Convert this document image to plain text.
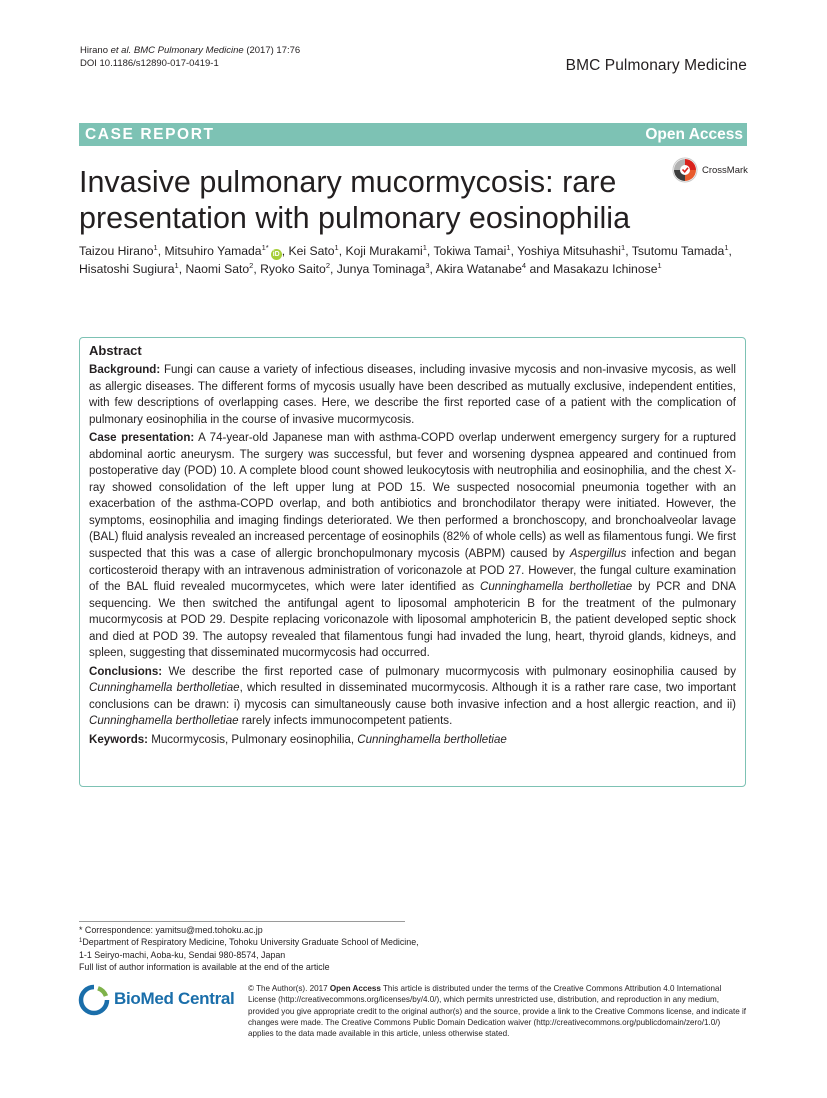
Hirano et al. BMC Pulmonary Medicine (2017) 17:76
DOI 10.1186/s12890-017-0419-1	BMC Pulmonary Medicine
CASE REPORT	Open Access
Invasive pulmonary mucormycosis: rare presentation with pulmonary eosinophilia
CrossMark
Taizou Hirano$^1$, Mitsuhiro Yamada$^{1*}$iD , Kei Sato$^1$, Koji Murakami$^1$, Tokiwa Tamai$^1$, Yoshiya Mitsuhashi$^1$, Tsutomu Tamada$^1$, Hisatoshi Sugiura$^1$, Naomi Sato$^2$, Ryoko Saito$^2$, Junya Tominaga$^3$, Akira Watanabe$^4$ and Masakazu Ichinose$^1$
Abstract

Background: Fungi can cause a variety of infectious diseases, including invasive mycosis and non-invasive mycosis, as well as allergic diseases. The different forms of mycosis usually have been described as mutually exclusive, independent entities, with few descriptions of overlapping cases. Here, we describe the first reported case of a patient with the complication of pulmonary eosinophilia in the course of invasive mucormycosis.

Case presentation: A 74-year-old Japanese man with asthma-COPD overlap underwent emergency surgery for a ruptured abdominal aortic aneurysm. The surgery was successful, but fever and worsening dyspnea appeared and continued from postoperative day (POD) 10. A complete blood count showed leukocytosis with neutrophilia and eosinophilia, and the chest X-ray showed consolidation of the left upper lung at POD 15. We suspected nosocomial pneumonia together with an exacerbation of the asthma-COPD overlap, and both antibiotics and bronchodilator therapy were initiated. However, the symptoms, eosinophilia and imaging findings deteriorated. We then performed a bronchoscopy, and bronchoalveolar lavage (BAL) fluid analysis revealed an increased percentage of eosinophils (82% of whole cells) as well as filamentous fungi. We first suspected that this was a case of allergic bronchopulmonary mycosis (ABPM) caused by Aspergillus infection and began corticosteroid therapy with an intravenous administration of voriconazole at POD 27. However, the fungal culture examination of the BAL fluid revealed mucormycetes, which were later identified as Cunninghamella bertholletiae by PCR and DNA sequencing. We then switched the antifungal agent to liposomal amphotericin B for the treatment of the pulmonary mucormycosis at POD 29. Despite replacing voriconazole with liposomal amphotericin B, the patient developed septic shock and died at POD 39. The autopsy revealed that filamentous fungi had invaded the lung, heart, thyroid glands, kidneys, and spleen, suggesting that disseminated mucormycosis had occurred.

Conclusions: We describe the first reported case of pulmonary mucormycosis with pulmonary eosinophilia caused by Cunninghamella bertholletiae, which resulted in disseminated mucormycosis. Although it is a rather rare case, two important conclusions can be drawn: i) mycosis can simultaneously cause both invasive infection and a host allergic reaction, and ii) Cunninghamella bertholletiae rarely infects immunocompetent patients.

Keywords: Mucormycosis, Pulmonary eosinophilia, Cunninghamella bertholletiae

* Correspondence: yamitsu@med.tohoku.ac.jp
$^1$Department of Respiratory Medicine, Tohoku University Graduate School of Medicine, 1-1 Seiryo-machi, Aoba-ku, Sendai 980-8574, Japan
Full list of author information is available at the end of the article
BioMed Central
© The Author(s). 2017 Open Access This article is distributed under the terms of the Creative Commons Attribution 4.0 International License (http://creativecommons.org/licenses/by/4.0/), which permits unrestricted use, distribution, and reproduction in any medium, provided you give appropriate credit to the original author(s) and the source, provide a link to the Creative Commons license, and indicate if changes were made. The Creative Commons Public Domain Dedication waiver (http://creativecommons.org/publicdomain/zero/1.0/) applies to the data made available in this article, unless otherwise stated.
